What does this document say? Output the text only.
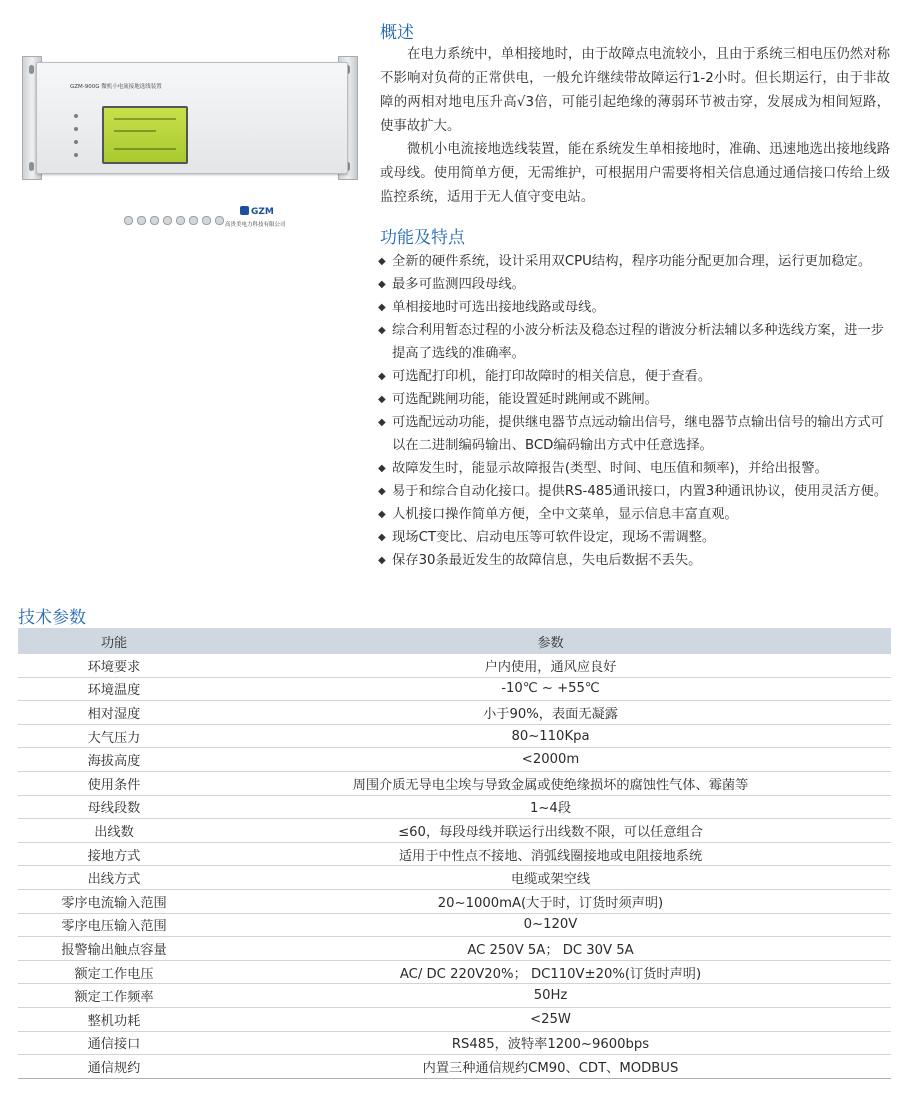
GZM-900G 微机小电流接地选线装置
GZM
高贵美电力科技有限公司
概述

在电力系统中，单相接地时，由于故障点电流较小，且由于系统三相电压仍然对称不影响对负荷的正常供电，一般允许继续带故障运行1-2小时。但长期运行，由于非故障的两相对地电压升高√3倍，可能引起绝缘的薄弱环节被击穿，发展成为相间短路，使事故扩大。

微机小电流接地选线装置，能在系统发生单相接地时，准确、迅速地选出接地线路或母线。使用简单方便，无需维护，可根据用户需要将相关信息通过通信接口传给上级监控系统，适用于无人值守变电站。

功能及特点
◆ 全新的硬件系统，设计采用双CPU结构，程序功能分配更加合理，运行更加稳定。
◆ 最多可监测四段母线。
◆ 单相接地时可选出接地线路或母线。
◆ 综合利用暂态过程的小波分析法及稳态过程的谐波分析法辅以多种选线方案，进一步提高了选线的准确率。
◆ 可选配打印机，能打印故障时的相关信息，便于查看。
◆ 可选配跳闸功能，能设置延时跳闸或不跳闸。
◆ 可选配远动功能，提供继电器节点远动输出信号，继电器节点输出信号的输出方式可以在二进制编码输出、BCD编码输出方式中任意选择。
◆ 故障发生时，能显示故障报告(类型、时间、电压值和频率)，并给出报警。
◆ 易于和综合自动化接口。提供RS-485通讯接口，内置3种通讯协议，使用灵活方便。
◆ 人机接口操作简单方便，全中文菜单，显示信息丰富直观。
◆ 现场CT变比、启动电压等可软件设定，现场不需调整。
◆ 保存30条最近发生的故障信息，失电后数据不丢失。
技术参数
功能	参数
环境要求	户内使用，通风应良好
环境温度	-10℃ ~ +55℃
相对湿度	小于90%，表面无凝露
大气压力	80~110Kpa
海拔高度	<2000m
使用条件	周围介质无导电尘埃与导致金属或使绝缘损坏的腐蚀性气体、霉菌等
母线段数	1~4段
出线数	≤60，每段母线并联运行出线数不限，可以任意组合
接地方式	适用于中性点不接地、消弧线圈接地或电阻接地系统
出线方式	电缆或架空线
零序电流输入范围	20~1000mA(大于时，订货时须声明)
零序电压输入范围	0~120V
报警输出触点容量	AC 250V 5A； DC 30V 5A
额定工作电压	AC/ DC 220V20%； DC110V±20%(订货时声明)
额定工作频率	50Hz
整机功耗	<25W
通信接口	RS485，波特率1200~9600bps
通信规约	内置三种通信规约CM90、CDT、MODBUS
